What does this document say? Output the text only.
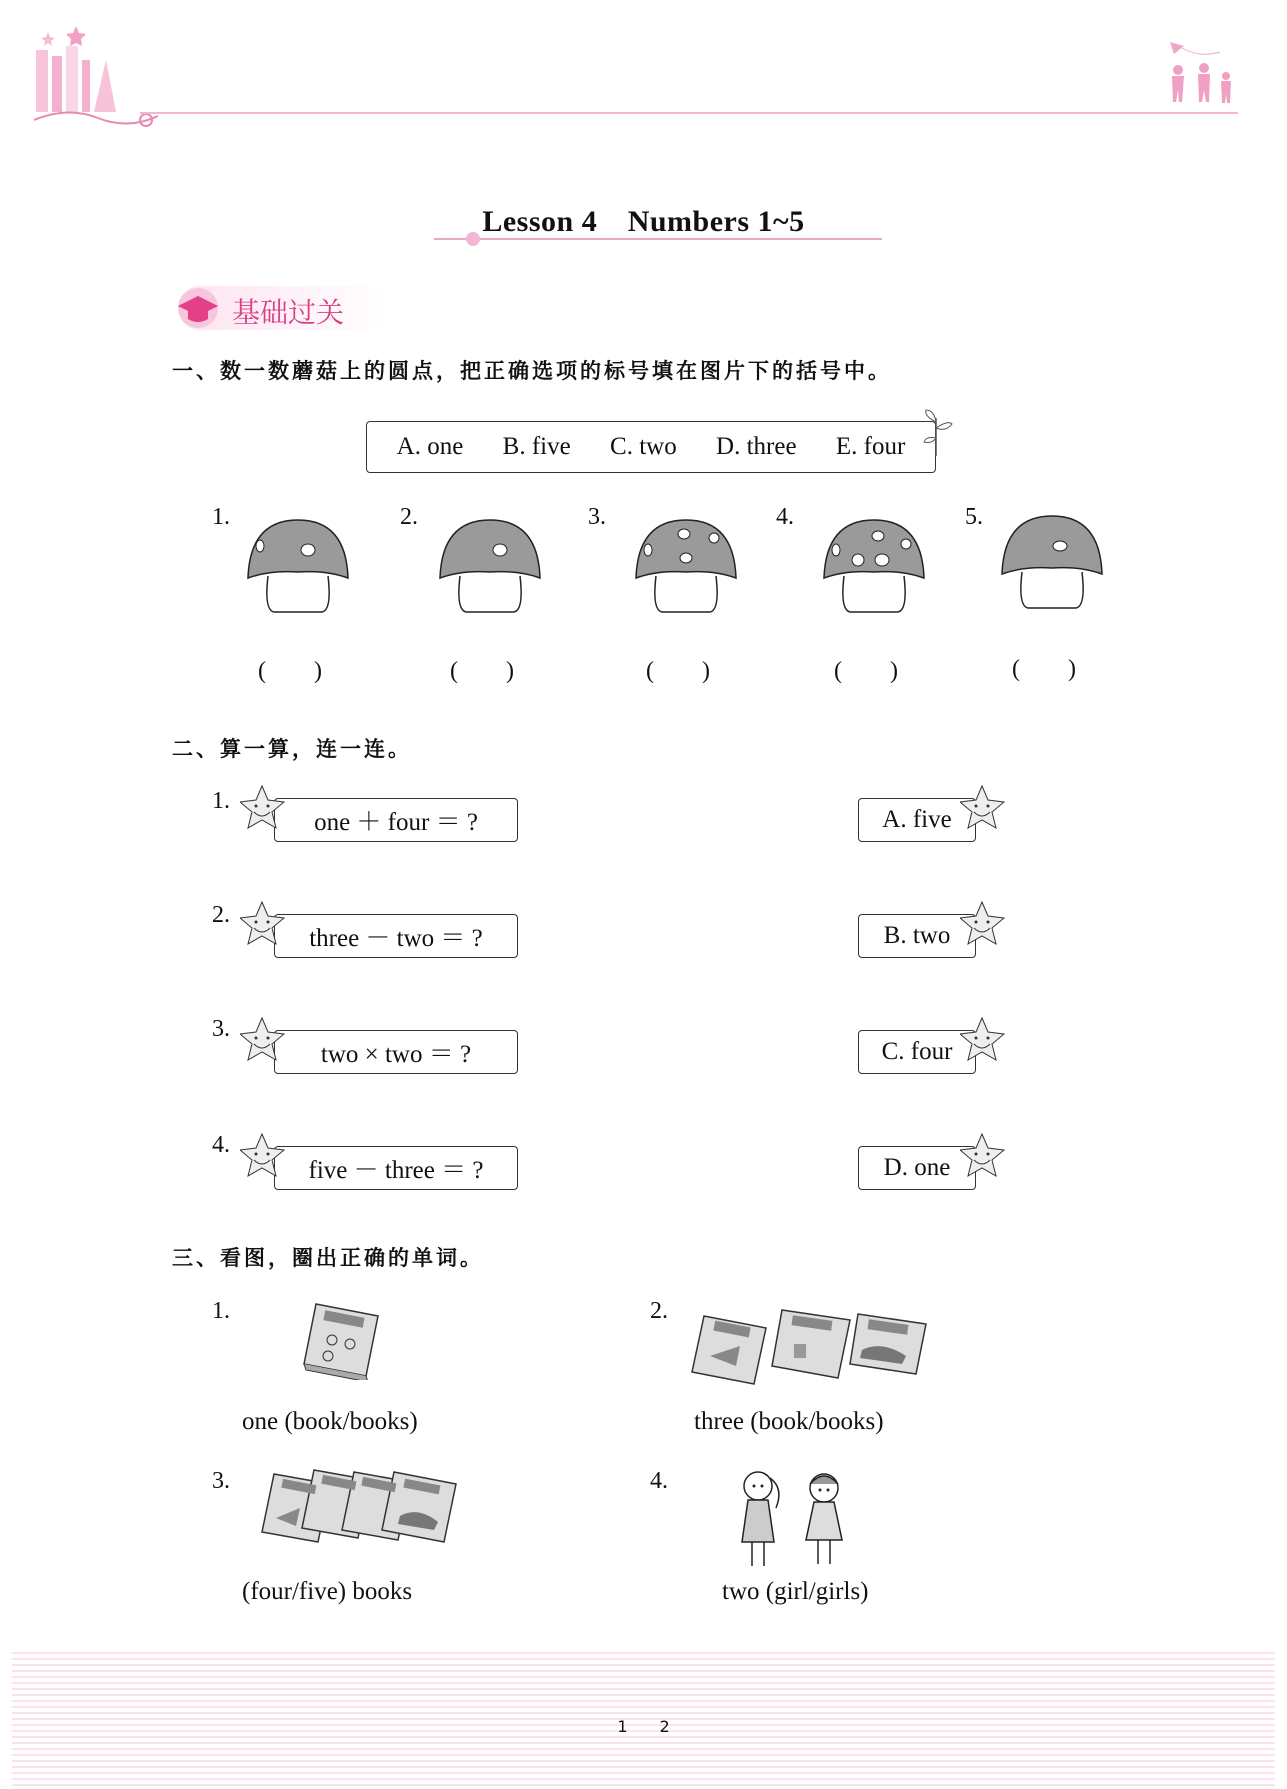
Lesson 4　Numbers 1~5
基础过关
一、数一数蘑菇上的圆点，把正确选项的标号填在图片下的括号中。
A. one B. five C. two D. three E. four
1.	2.	3.	4.	5.
(　　)	(　　)	(　　)	(　　)	(　　)
二、算一算，连一连。
1.
2.
3.
4.
one ＋ four ＝ ?
three － two ＝ ?
two × two ＝ ?
five － three ＝ ?
A. five
B. two
C. four
D. one
三、看图，圈出正确的单词。
1.	2.
3.	4.
one (book/books)	three (book/books)
(four/five) books	two (girl/girls)
1　　2
